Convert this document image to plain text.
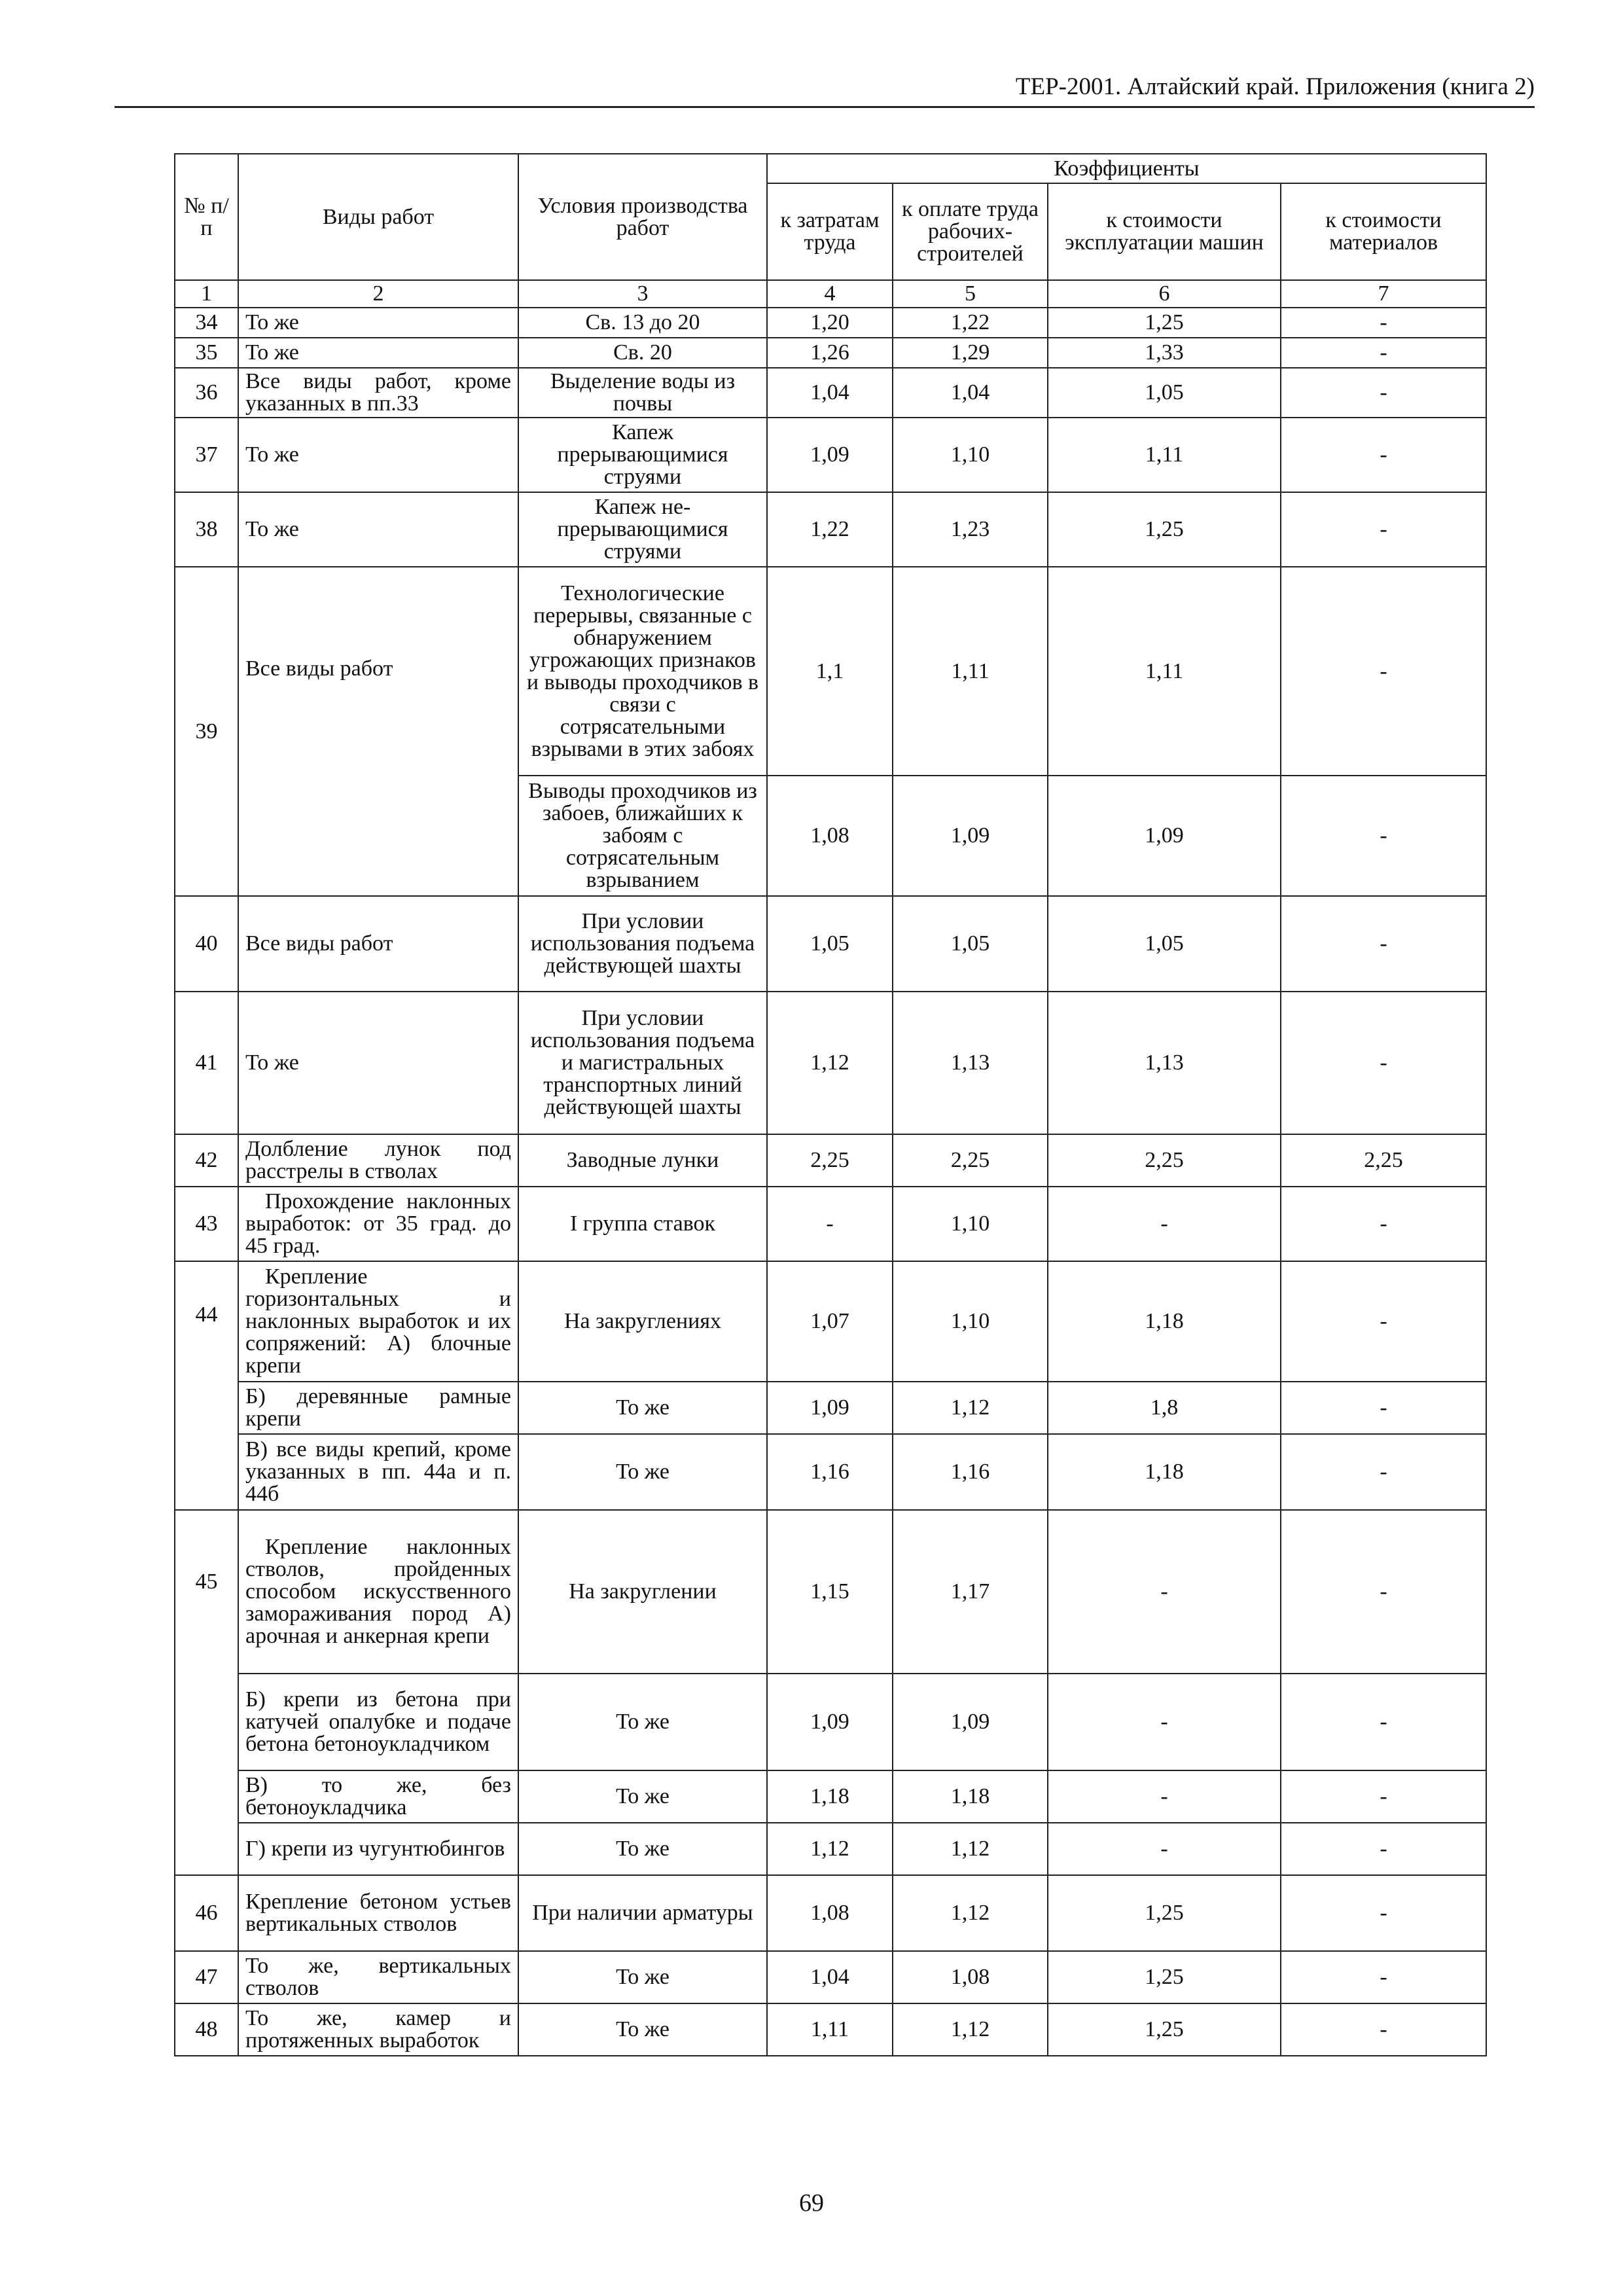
ТЕР-2001. Алтайский край. Приложения (книга 2)
№ п/п	Виды работ	Условия производства работ	Коэффициенты			
			к затратам труда	к оплате труда рабочих-строителей	к стоимости эксплуатации машин	к стоимости материалов
1	2	3	4	5	6	7
34	То же	Св. 13 до 20	1,20	1,22	1,25	-
35	То же	Св. 20	1,26	1,29	1,33	-
36	Все виды работ, кроме указанных в пп.33	Выделение воды из почвы	1,04	1,04	1,05	-
37	То же	Капеж прерывающимися струями	1,09	1,10	1,11	-
38	То же	Капеж не-прерывающимися струями	1,22	1,23	1,25	-
39	Все виды работ	Технологические перерывы, связанные с обнаружением угрожающих признаков и выводы проходчиков в связи с сотрясательными взрывами в этих забоях	1,1	1,11	1,11	-
		Выводы проходчиков из забоев, ближайших к забоям с сотрясательным взрыванием	1,08	1,09	1,09	-
40	Все виды работ	При условии использования подъема действующей шахты	1,05	1,05	1,05	-
41	То же	При условии использования подъема и магистральных транспортных линий действующей шахты	1,12	1,13	1,13	-
42	Долбление лунок под расстрелы в стволах	Заводные лунки	2,25	2,25	2,25	2,25
43	Прохождение наклонных выработок: от 35 град. до 45 град.	I группа ставок	-	1,10	-	-
44	Крепление горизонтальных и наклонных выработок и их сопряжений: А) блочные крепи	На закруглениях	1,07	1,10	1,18	-
	Б) деревянные рамные крепи	То же	1,09	1,12	1,8	-
	В) все виды крепий, кроме указанных в пп. 44а и п. 44б	То же	1,16	1,16	1,18	-
45	Крепление наклонных стволов, пройденных способом искусственного замораживания пород А) арочная и анкерная крепи	На закруглении	1,15	1,17	-	-
	Б) крепи из бетона при катучей опалубке и подаче бетона бетоноукладчиком	То же	1,09	1,09	-	-
	В) то же, без бетоноукладчика	То же	1,18	1,18	-	-
	Г) крепи из чугунтюбингов	То же	1,12	1,12	-	-
46	Крепление бетоном устьев вертикальных стволов	При наличии арматуры	1,08	1,12	1,25	-
47	То же, вертикальных стволов	То же	1,04	1,08	1,25	-
48	То же, камер и протяженных выработок	То же	1,11	1,12	1,25	-
69
